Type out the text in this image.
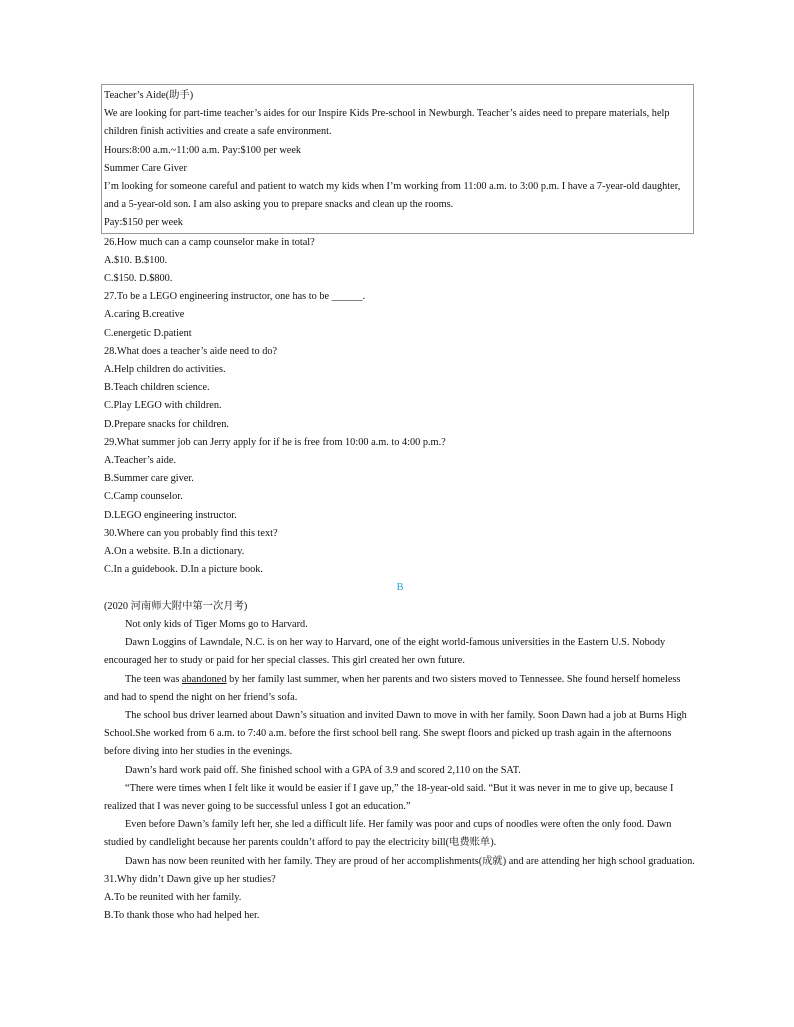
Teacher’s Aide(助手)
We are looking for part-time teacher’s aides for our Inspire Kids Pre-school in Newburgh. Teacher’s aides need to prepare materials, help children finish activities and create a safe environment.
Hours:8:00 a.m.~11:00 a.m. Pay:$100 per week
Summer Care Giver
I’m looking for someone careful and patient to watch my kids when I’m working from 11:00 a.m. to 3:00 p.m. I have a 7-year-old daughter, and a 5-year-old son. I am also asking you to prepare snacks and clean up the rooms.
Pay:$150 per week
26.How much can a camp counselor make in total?
A.$10. B.$100.
C.$150. D.$800.
27.To be a LEGO engineering instructor, one has to be ______.
A.caring B.creative
C.energetic D.patient
28.What does a teacher’s aide need to do?
A.Help children do activities.
B.Teach children science.
C.Play LEGO with children.
D.Prepare snacks for children.
29.What summer job can Jerry apply for if he is free from 10:00 a.m. to 4:00 p.m.?
A.Teacher’s aide.
B.Summer care giver.
C.Camp counselor.
D.LEGO engineering instructor.
30.Where can you probably find this text?
A.On a website. B.In a dictionary.
C.In a guidebook. D.In a picture book.
B
(2020 河南师大附中第一次月考)
Not only kids of Tiger Moms go to Harvard.
Dawn Loggins of Lawndale, N.C. is on her way to Harvard, one of the eight world-famous universities in the Eastern U.S. Nobody encouraged her to study or paid for her special classes. This girl created her own future.
The teen was abandoned by her family last summer, when her parents and two sisters moved to Tennessee. She found herself homeless and had to spend the night on her friend’s sofa.
The school bus driver learned about Dawn’s situation and invited Dawn to move in with her family. Soon Dawn had a job at Burns High School.She worked from 6 a.m. to 7:40 a.m. before the first school bell rang. She swept floors and picked up trash again in the afternoons before diving into her studies in the evenings.
Dawn’s hard work paid off. She finished school with a GPA of 3.9 and scored 2,110 on the SAT.
“There were times when I felt like it would be easier if I gave up,” the 18-year-old said. “But it was never in me to give up, because I realized that I was never going to be successful unless I got an education.”
Even before Dawn’s family left her, she led a difficult life. Her family was poor and cups of noodles were often the only food. Dawn studied by candlelight because her parents couldn’t afford to pay the electricity bill(电费账单).
Dawn has now been reunited with her family. They are proud of her accomplishments(成就) and are attending her high school graduation.
31.Why didn’t Dawn give up her studies?
A.To be reunited with her family.
B.To thank those who had helped her.
